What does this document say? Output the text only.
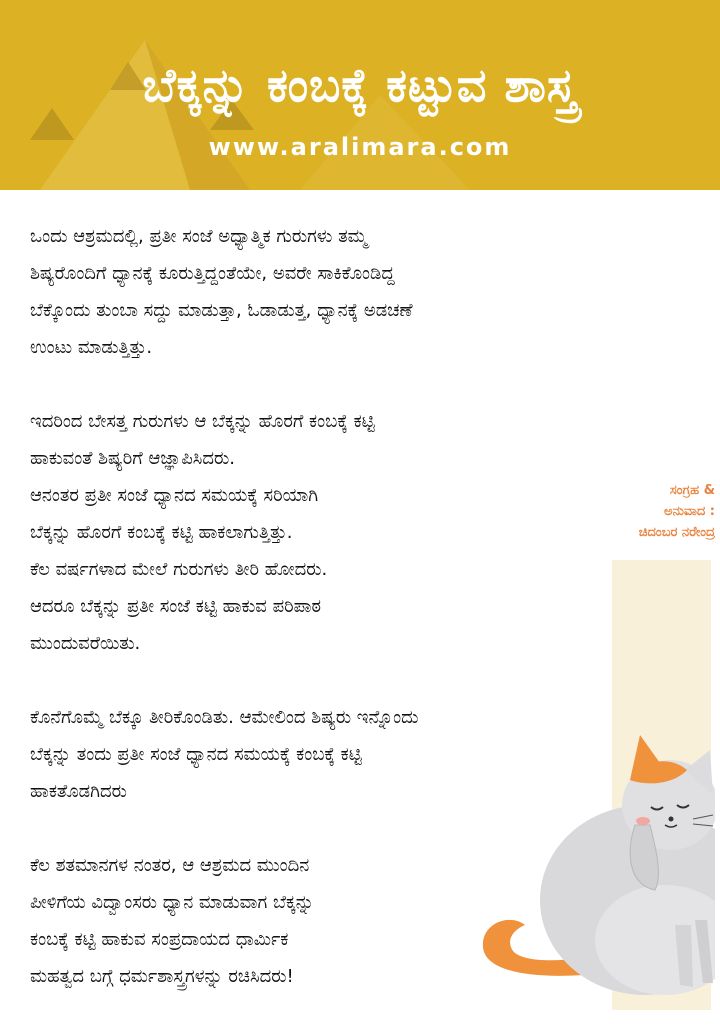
ಬೆಕ್ಕನ್ನು ಕಂಬಕ್ಕೆ ಕಟ್ಟುವ ಶಾಸ್ತ್ರ
www.aralimara.com

ಒಂದು ಆಶ್ರಮದಲ್ಲಿ, ಪ್ರತೀ ಸಂಜೆ ಅಧ್ಯಾತ್ಮಿಕ ಗುರುಗಳು ತಮ್ಮ
ಶಿಷ್ಯರೊಂದಿಗೆ ಧ್ಯಾನಕ್ಕೆ ಕೂರುತ್ತಿದ್ದಂತೆಯೇ, ಅವರೇ ಸಾಕಿಕೊಂಡಿದ್ದ
ಬೆಕ್ಕೊಂದು ತುಂಬಾ ಸದ್ದು ಮಾಡುತ್ತಾ, ಓಡಾಡುತ್ತ, ಧ್ಯಾನಕ್ಕೆ ಅಡಚಣೆ
ಉಂಟು ಮಾಡುತ್ತಿತ್ತು.

ಇದರಿಂದ ಬೇಸತ್ತ ಗುರುಗಳು ಆ ಬೆಕ್ಕನ್ನು ಹೊರಗೆ ಕಂಬಕ್ಕೆ ಕಟ್ಟಿ
ಹಾಕುವಂತೆ ಶಿಷ್ಯರಿಗೆ ಆಜ್ಞಾಪಿಸಿದರು.
ಆನಂತರ ಪ್ರತೀ ಸಂಜೆ ಧ್ಯಾನದ ಸಮಯಕ್ಕೆ ಸರಿಯಾಗಿ
ಬೆಕ್ಕನ್ನು ಹೊರಗೆ ಕಂಬಕ್ಕೆ ಕಟ್ಟಿ ಹಾಕಲಾಗುತ್ತಿತ್ತು.
ಕೆಲ ವರ್ಷಗಳಾದ ಮೇಲೆ ಗುರುಗಳು ತೀರಿ ಹೋದರು.
ಆದರೂ ಬೆಕ್ಕನ್ನು ಪ್ರತೀ ಸಂಜೆ ಕಟ್ಟಿ ಹಾಕುವ ಪರಿಪಾಠ
ಮುಂದುವರೆಯಿತು.

ಕೊನೆಗೊಮ್ಮೆ ಬೆಕ್ಕೂ ತೀರಿಕೊಂಡಿತು. ಆಮೇಲಿಂದ ಶಿಷ್ಯರು ಇನ್ನೊಂದು
ಬೆಕ್ಕನ್ನು ತಂದು ಪ್ರತೀ ಸಂಜೆ ಧ್ಯಾನದ ಸಮಯಕ್ಕೆ ಕಂಬಕ್ಕೆ ಕಟ್ಟಿ
ಹಾಕತೊಡಗಿದರು

ಕೆಲ ಶತಮಾನಗಳ ನಂತರ, ಆ ಆಶ್ರಮದ ಮುಂದಿನ
ಪೀಳಿಗೆಯ ವಿದ್ವಾಂಸರು ಧ್ಯಾನ ಮಾಡುವಾಗ ಬೆಕ್ಕನ್ನು
ಕಂಬಕ್ಕೆ ಕಟ್ಟಿ ಹಾಕುವ ಸಂಪ್ರದಾಯದ ಧಾರ್ಮಿಕ
ಮಹತ್ವದ ಬಗ್ಗೆ ಧರ್ಮಶಾಸ್ತ್ರಗಳನ್ನು ರಚಿಸಿದರು!

ಸಂಗ್ರಹ &
ಅನುವಾದ :
ಚಿದಂಬರ ನರೇಂದ್ರ
